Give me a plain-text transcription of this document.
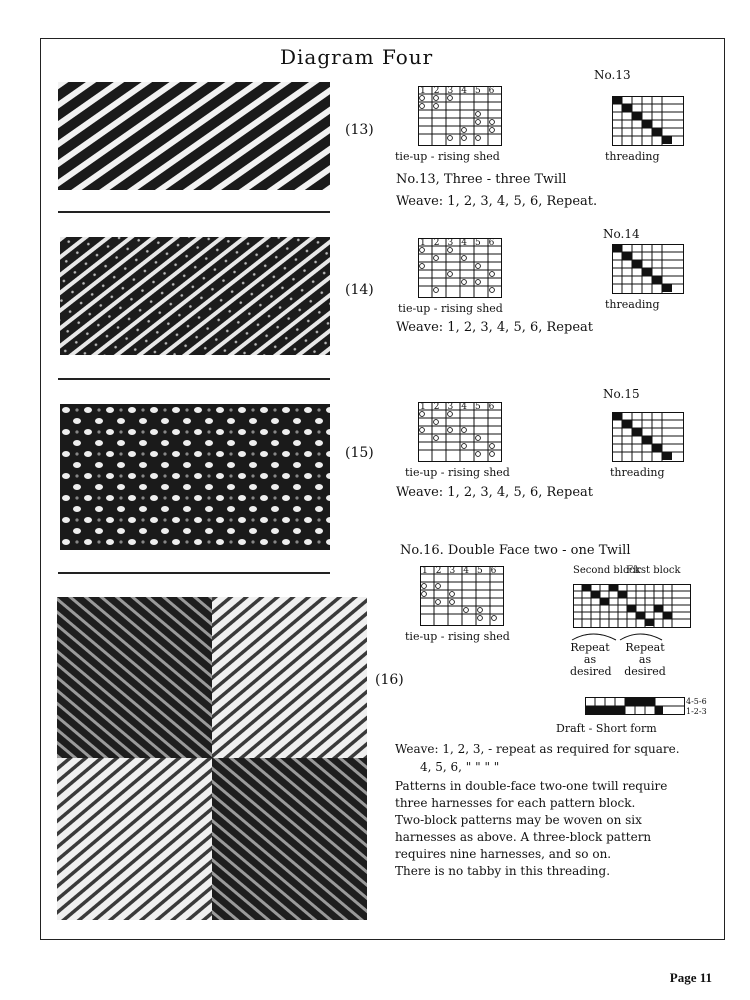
Diagram Four
(13)
(14)
(15)
(16)
123456
tie-up - rising shed
No.13
threading
No.13, Three - three Twill
Weave: 1, 2, 3, 4, 5, 6, Repeat.
123456
tie-up - rising shed
No.14
threading
Weave: 1, 2, 3, 4, 5, 6, Repeat
123456
tie-up - rising shed
No.15
threading
Weave: 1, 2, 3, 4, 5, 6, Repeat
No.16. Double Face two - one Twill
123456
tie-up - rising shed
Second block
First block
Repeat as desired
Repeat as desired
4-5-6
1-2-3
Draft - Short form
Weave: 1, 2, 3, - repeat as required for square.
4, 5, 6, " " " "

Patterns in double-face two-one twill require

three harnesses for each pattern block.

Two-block patterns may be woven on six

harnesses as above. A three-block pattern

requires nine harnesses, and so on.

There is no tabby in this threading.

Page 11
